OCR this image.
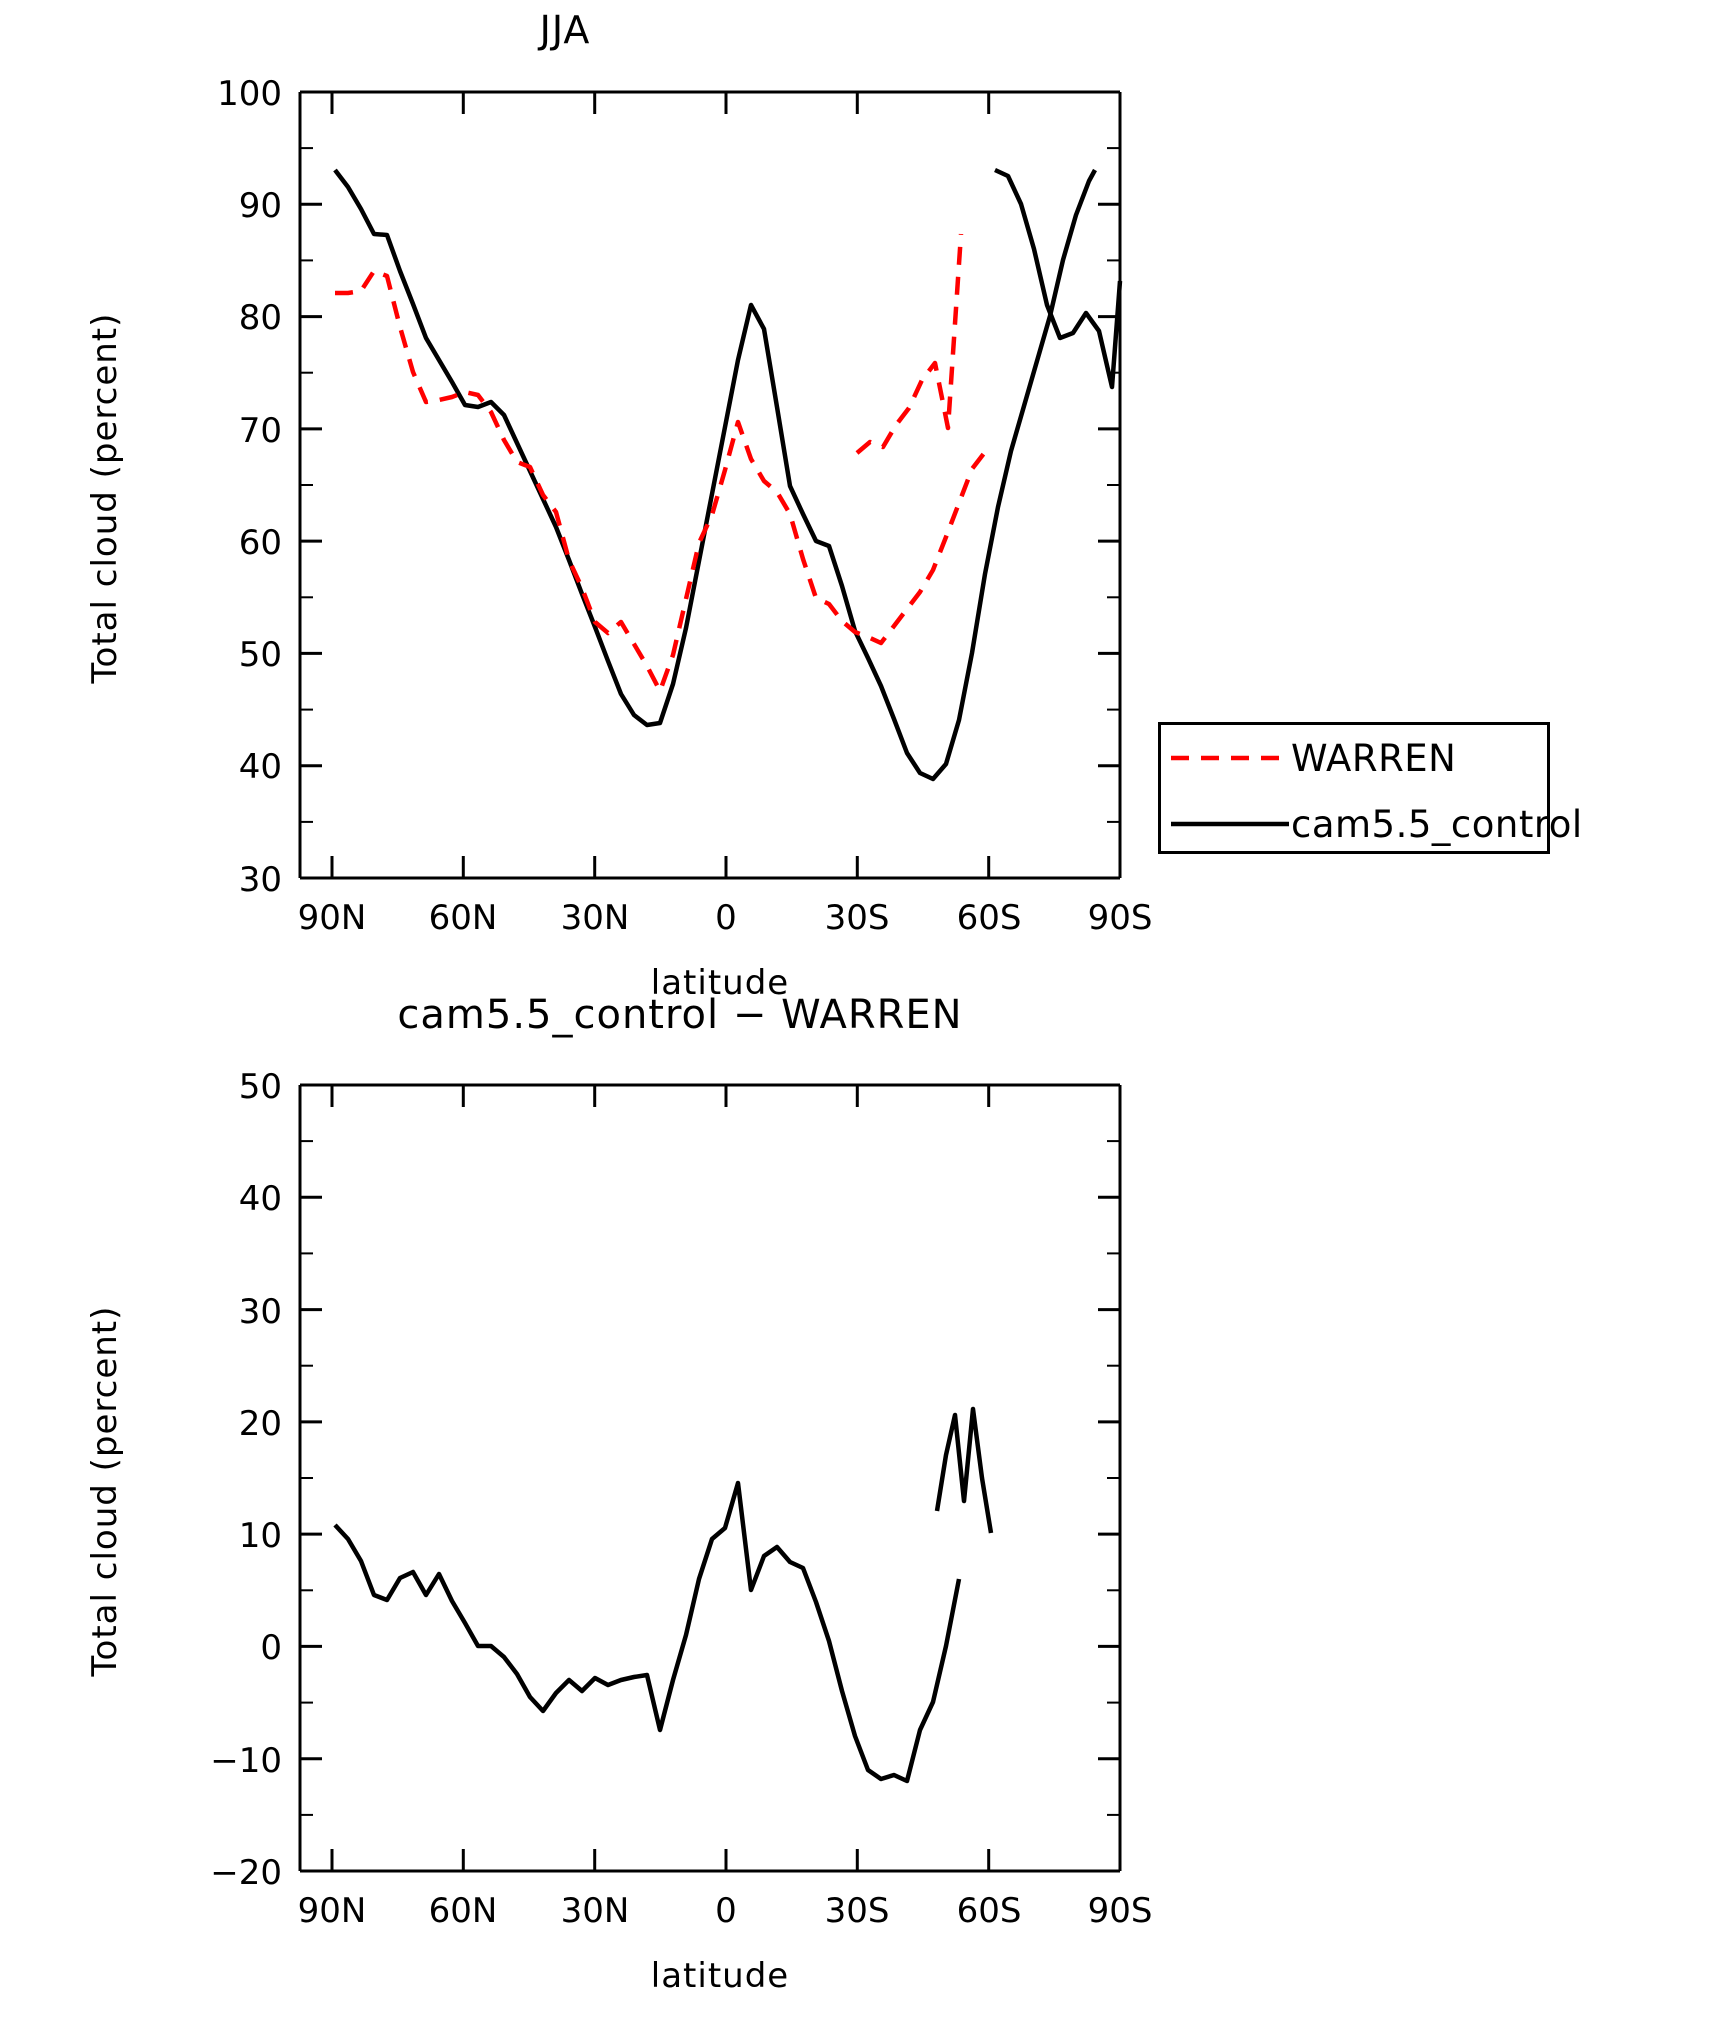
JJA
30
40
50
60
70
80
90
100
90N	60N	30N	0	30S	60S	90S
latitude
Total cloud (percent)
WARREN
cam5.5_control
cam5.5_control − WARREN
−20
−10
0
10
20
30
40
50
90N	60N	30N	0	30S	60S	90S
latitude
Total cloud (percent)
